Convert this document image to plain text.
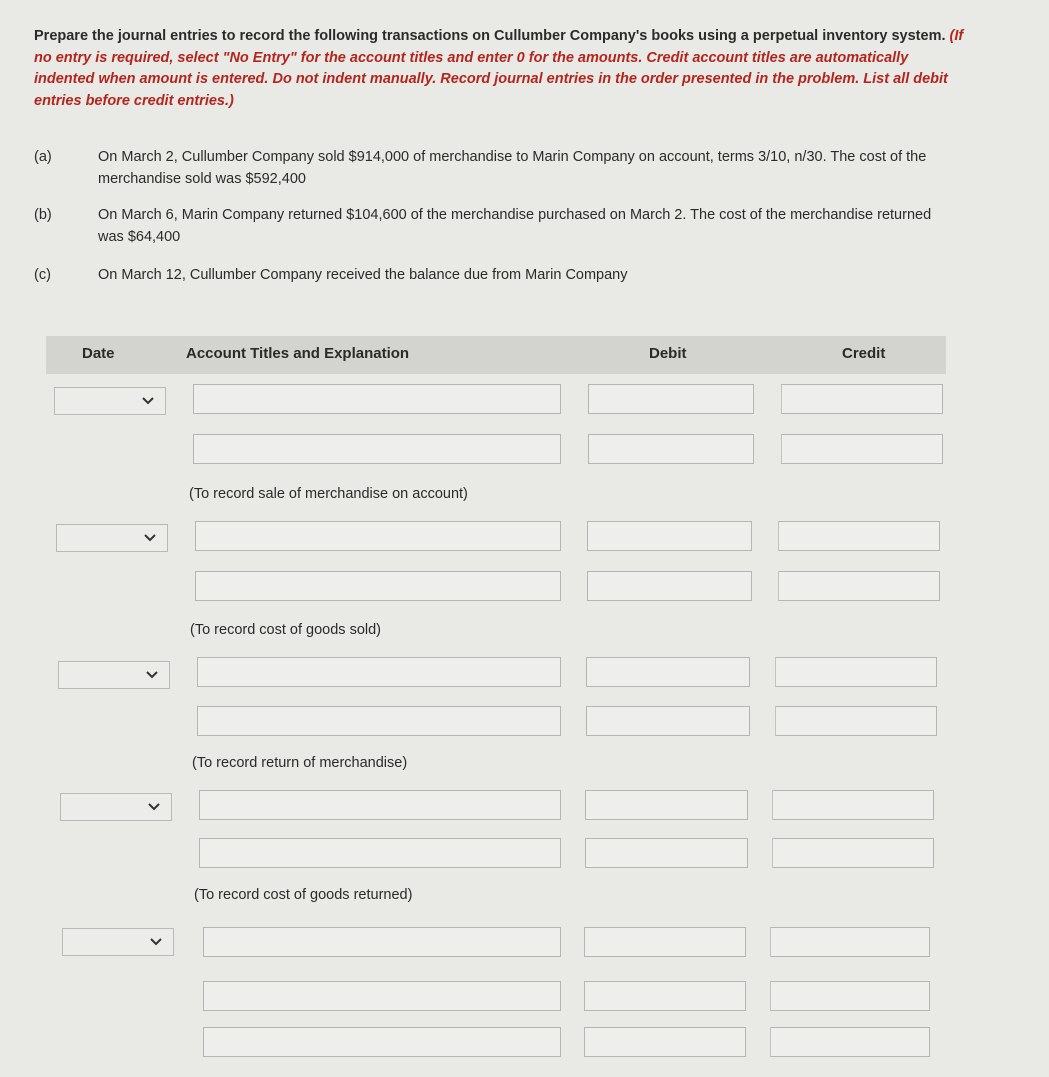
Prepare the journal entries to record the following transactions on Cullumber Company's books using a perpetual inventory system. (If no entry is required, select "No Entry" for the account titles and enter 0 for the amounts. Credit account titles are automatically indented when amount is entered. Do not indent manually. Record journal entries in the order presented in the problem. List all debit entries before credit entries.)
(a)	On March 2, Cullumber Company sold $914,000 of merchandise to Marin Company on account, terms 3/10, n/30. The cost of the merchandise sold was $592,400
(b)	On March 6, Marin Company returned $104,600 of the merchandise purchased on March 2. The cost of the merchandise returned was $64,400
(c)	On March 12, Cullumber Company received the balance due from Marin Company
Date	Account Titles and Explanation	Debit	Credit
(To record sale of merchandise on account)
(To record cost of goods sold)
(To record return of merchandise)
(To record cost of goods returned)
